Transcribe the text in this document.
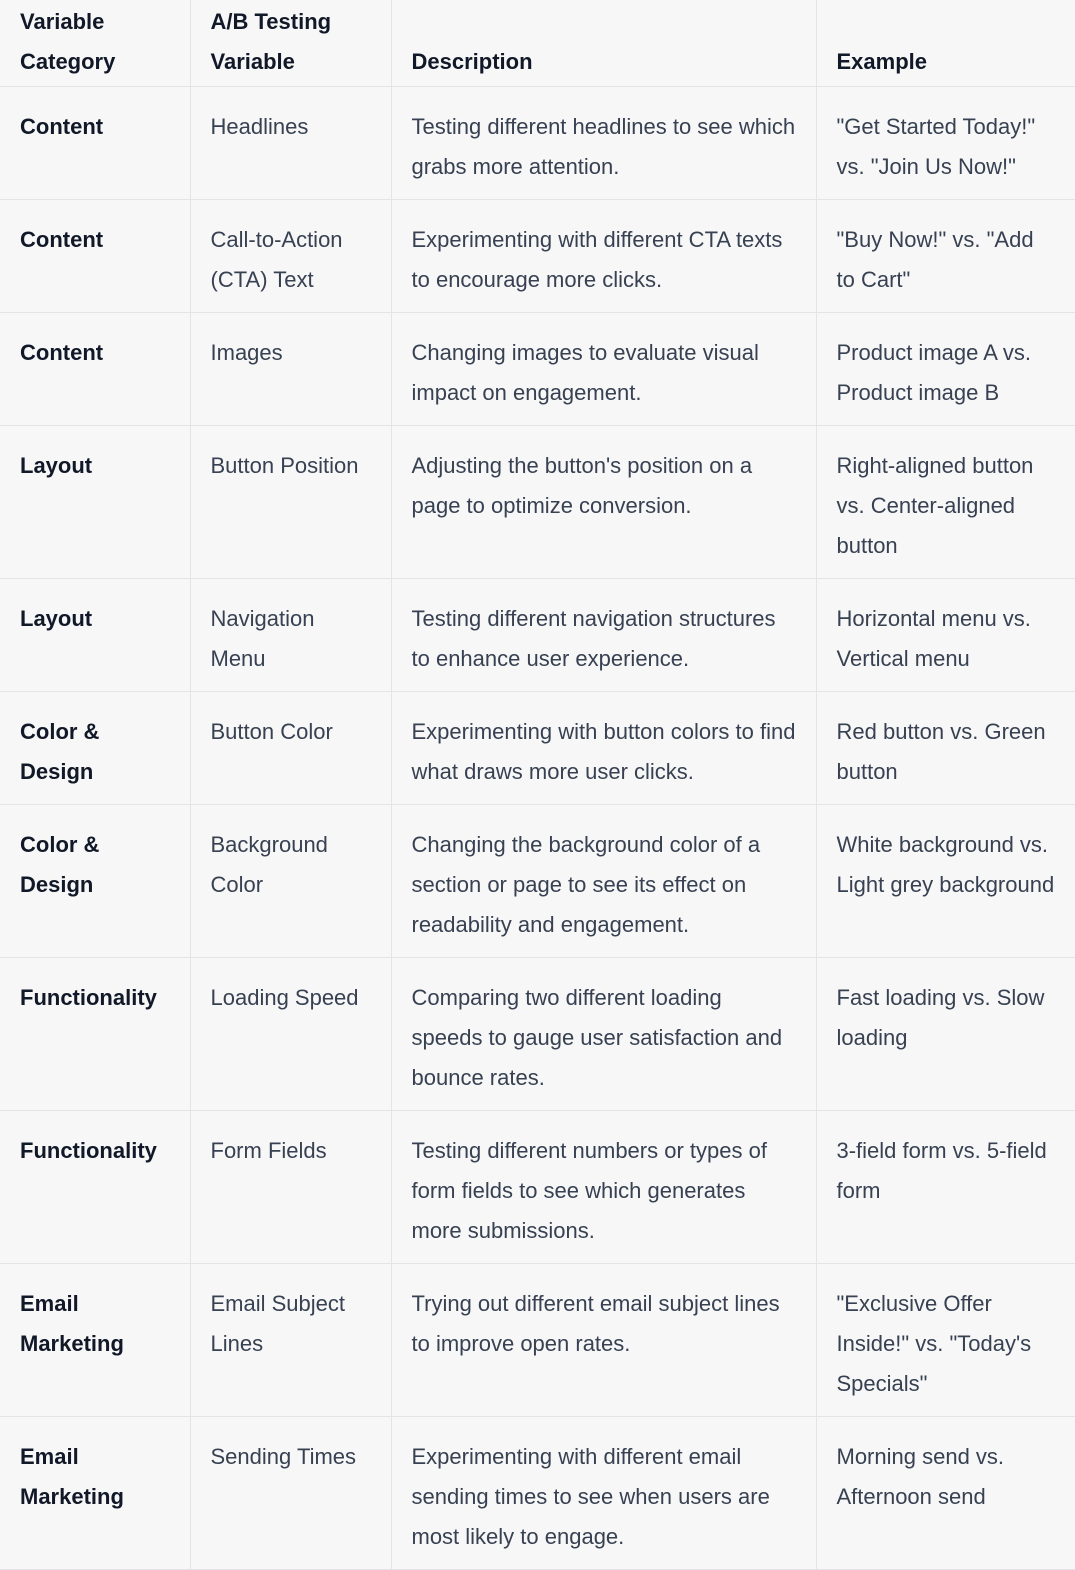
Variable Category	A/B Testing Variable	Description	Example
Content	Headlines	Testing different headlines to see which grabs more attention.	"Get Started Today!" vs. "Join Us Now!"
Content	Call-to-Action (CTA) Text	Experimenting with different CTA texts to encourage more clicks.	"Buy Now!" vs. "Add to Cart"
Content	Images	Changing images to evaluate visual impact on engagement.	Product image A vs. Product image B
Layout	Button Position	Adjusting the button's position on a page to optimize conversion.	Right-aligned button vs. Center-aligned button
Layout	Navigation Menu	Testing different navigation structures to enhance user experience.	Horizontal menu vs. Vertical menu
Color & Design	Button Color	Experimenting with button colors to find what draws more user clicks.	Red button vs. Green button
Color & Design	Background Color	Changing the background color of a section or page to see its effect on readability and engagement.	White background vs. Light grey background
Functionality	Loading Speed	Comparing two different loading speeds to gauge user satisfaction and bounce rates.	Fast loading vs. Slow loading
Functionality	Form Fields	Testing different numbers or types of form fields to see which generates more submissions.	3-field form vs. 5-field form
Email Marketing	Email Subject Lines	Trying out different email subject lines to improve open rates.	"Exclusive Offer Inside!" vs. "Today's Specials"
Email Marketing	Sending Times	Experimenting with different email sending times to see when users are most likely to engage.	Morning send vs. Afternoon send
